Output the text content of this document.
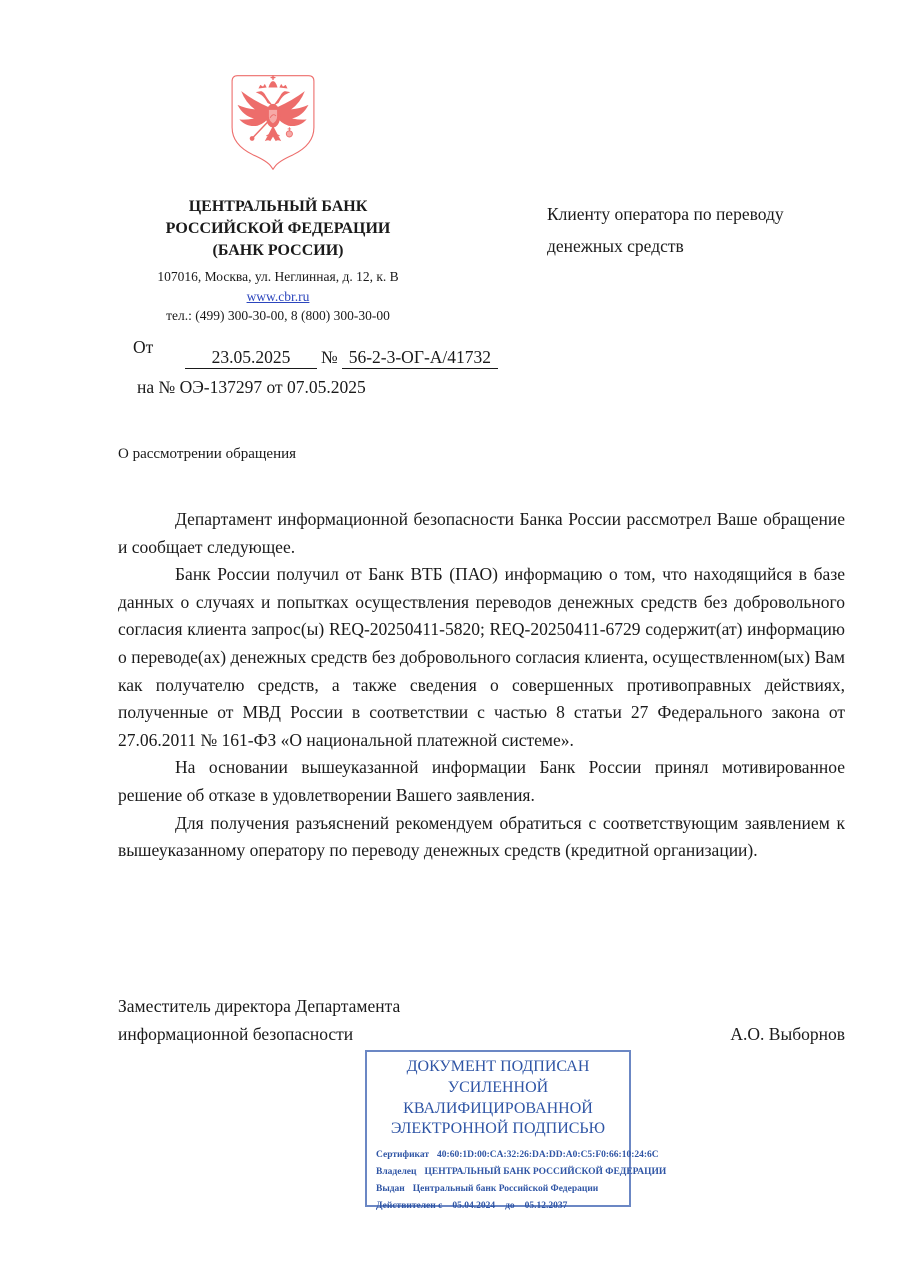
ЦЕНТРАЛЬНЫЙ БАНК
РОССИЙСКОЙ ФЕДЕРАЦИИ
(БАНК РОССИИ)
107016, Москва, ул. Неглинная, д. 12, к. В
www.cbr.ru
тел.: (499) 300-30-00, 8 (800) 300-30-00
Клиенту оператора по переводу
денежных средств
От	23.05.2025 № 56-2-3-ОГ-А/41732
на № ОЭ-137297 от 07.05.2025
О рассмотрении обращения

Департамент информационной безопасности Банка России рассмотрел Ваше обращение и сообщает следующее.

Банк России получил от Банк ВТБ (ПАО) информацию о том, что находящийся в базе данных о случаях и попытках осуществления переводов денежных средств без добровольного согласия клиента запрос(ы) REQ-20250411-5820; REQ-20250411-6729 содержит(ат) информацию о переводе(ах) денежных средств без добровольного согласия клиента, осуществленном(ых) Вам как получателю средств, а также сведения о совершенных противоправных действиях, полученные от МВД России в соответствии с частью 8 статьи 27 Федерального закона от 27.06.2011 № 161-ФЗ «О национальной платежной системе».

На основании вышеуказанной информации Банк России принял мотивированное решение об отказе в удовлетворении Вашего заявления.

Для получения разъяснений рекомендуем обратиться с соответствующим заявлением к вышеуказанному оператору по переводу денежных средств (кредитной организации).

Заместитель директора Департамента
информационной безопасности	А.О. Выборнов
ДОКУМЕНТ ПОДПИСАН
УСИЛЕННОЙ
КВАЛИФИЦИРОВАННОЙ
ЭЛЕКТРОННОЙ ПОДПИСЬЮ
Сертификат 40:60:1D:00:CA:32:26:DA:DD:A0:C5:F0:66:10:24:6C
Владелец ЦЕНТРАЛЬНЫЙ БАНК РОССИЙСКОЙ ФЕДЕРАЦИИ
Выдан Центральный банк Российской Федерации
Действителен с 05.04.2024 до 05.12.2037
